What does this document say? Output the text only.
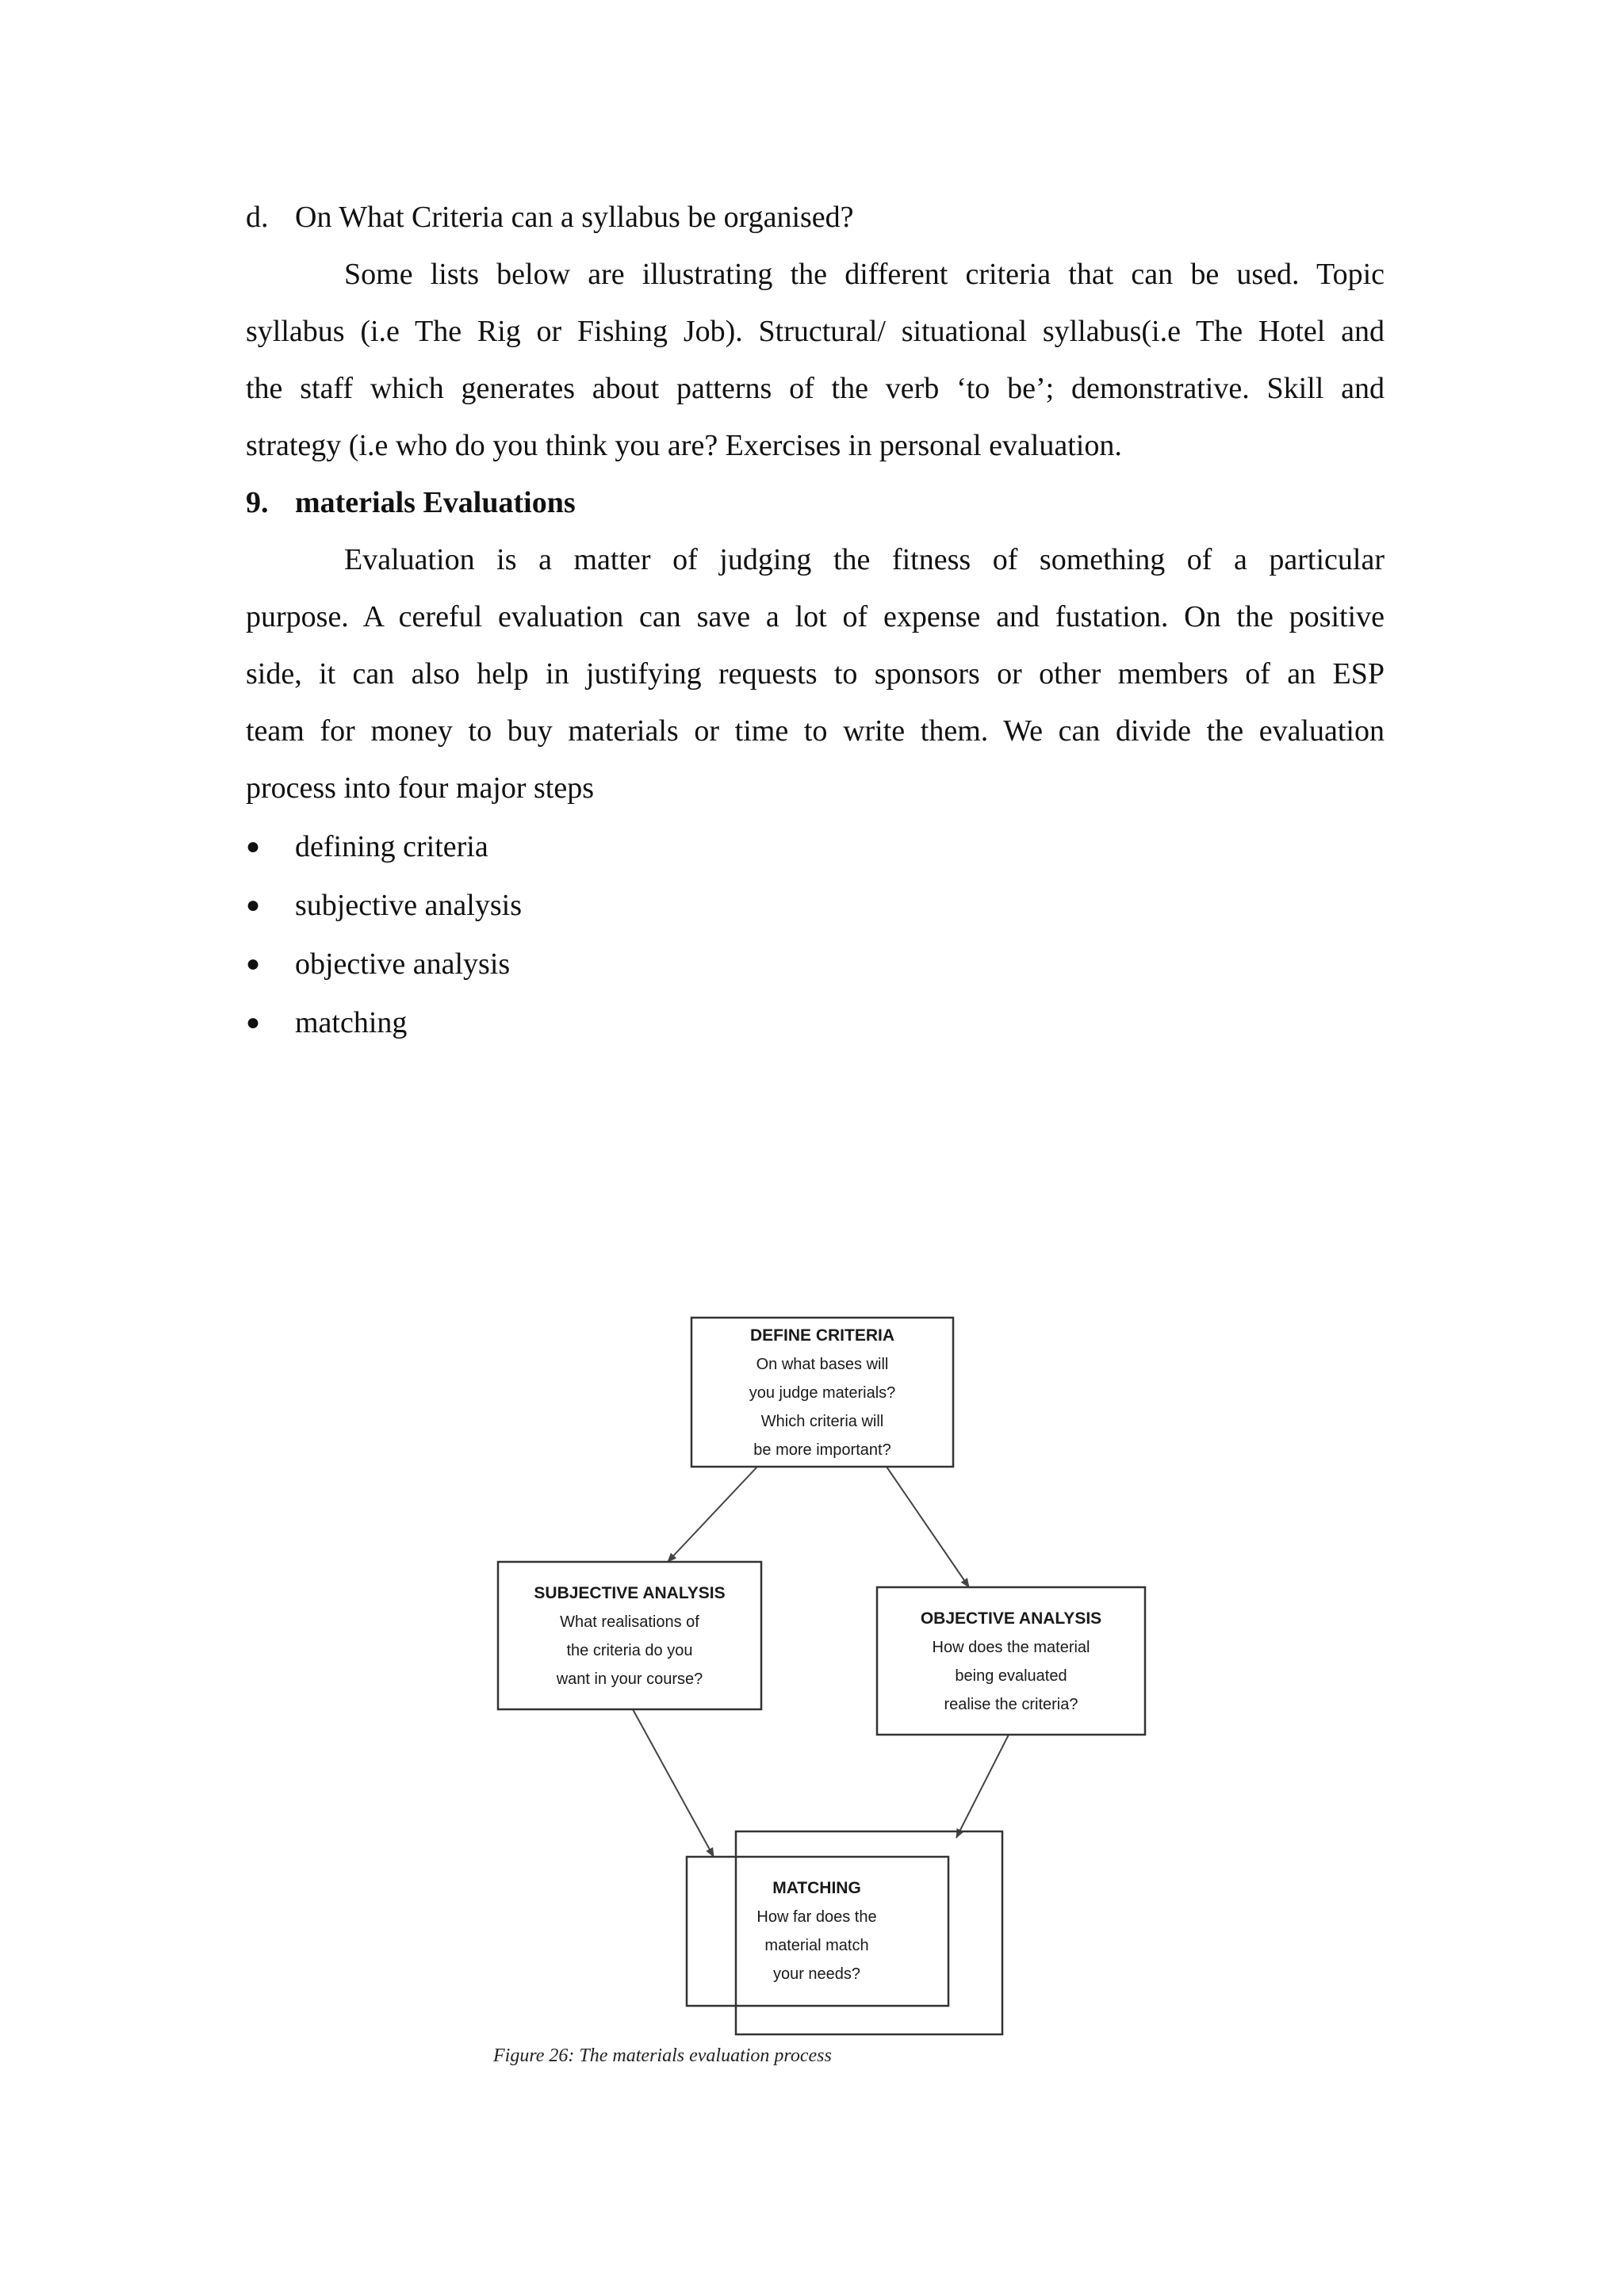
d. On What Criteria can a syllabus be organised?
Some lists below are illustrating the different criteria that can be used. Topic
syllabus (i.e The Rig or Fishing Job). Structural/ situational syllabus(i.e The Hotel and
the staff which generates about patterns of the verb ‘to be’; demonstrative. Skill and
strategy (i.e who do you think you are? Exercises in personal evaluation.
9. materials Evaluations
Evaluation is a matter of judging the fitness of something of a particular
purpose. A cereful evaluation can save a lot of expense and fustation. On the positive
side, it can also help in justifying requests to sponsors or other members of an ESP
team for money to buy materials or time to write them. We can divide the evaluation
process into four major steps
● defining criteria
● subjective analysis
● objective analysis
● matching
DEFINE CRITERIA
On what bases will
you judge materials?
Which criteria will
be more important?
SUBJECTIVE ANALYSIS
What realisations of
the criteria do you
want in your course?
OBJECTIVE ANALYSIS
How does the material
being evaluated
realise the criteria?
MATCHING
How far does the
material match
your needs?
Figure 26: The materials evaluation process
